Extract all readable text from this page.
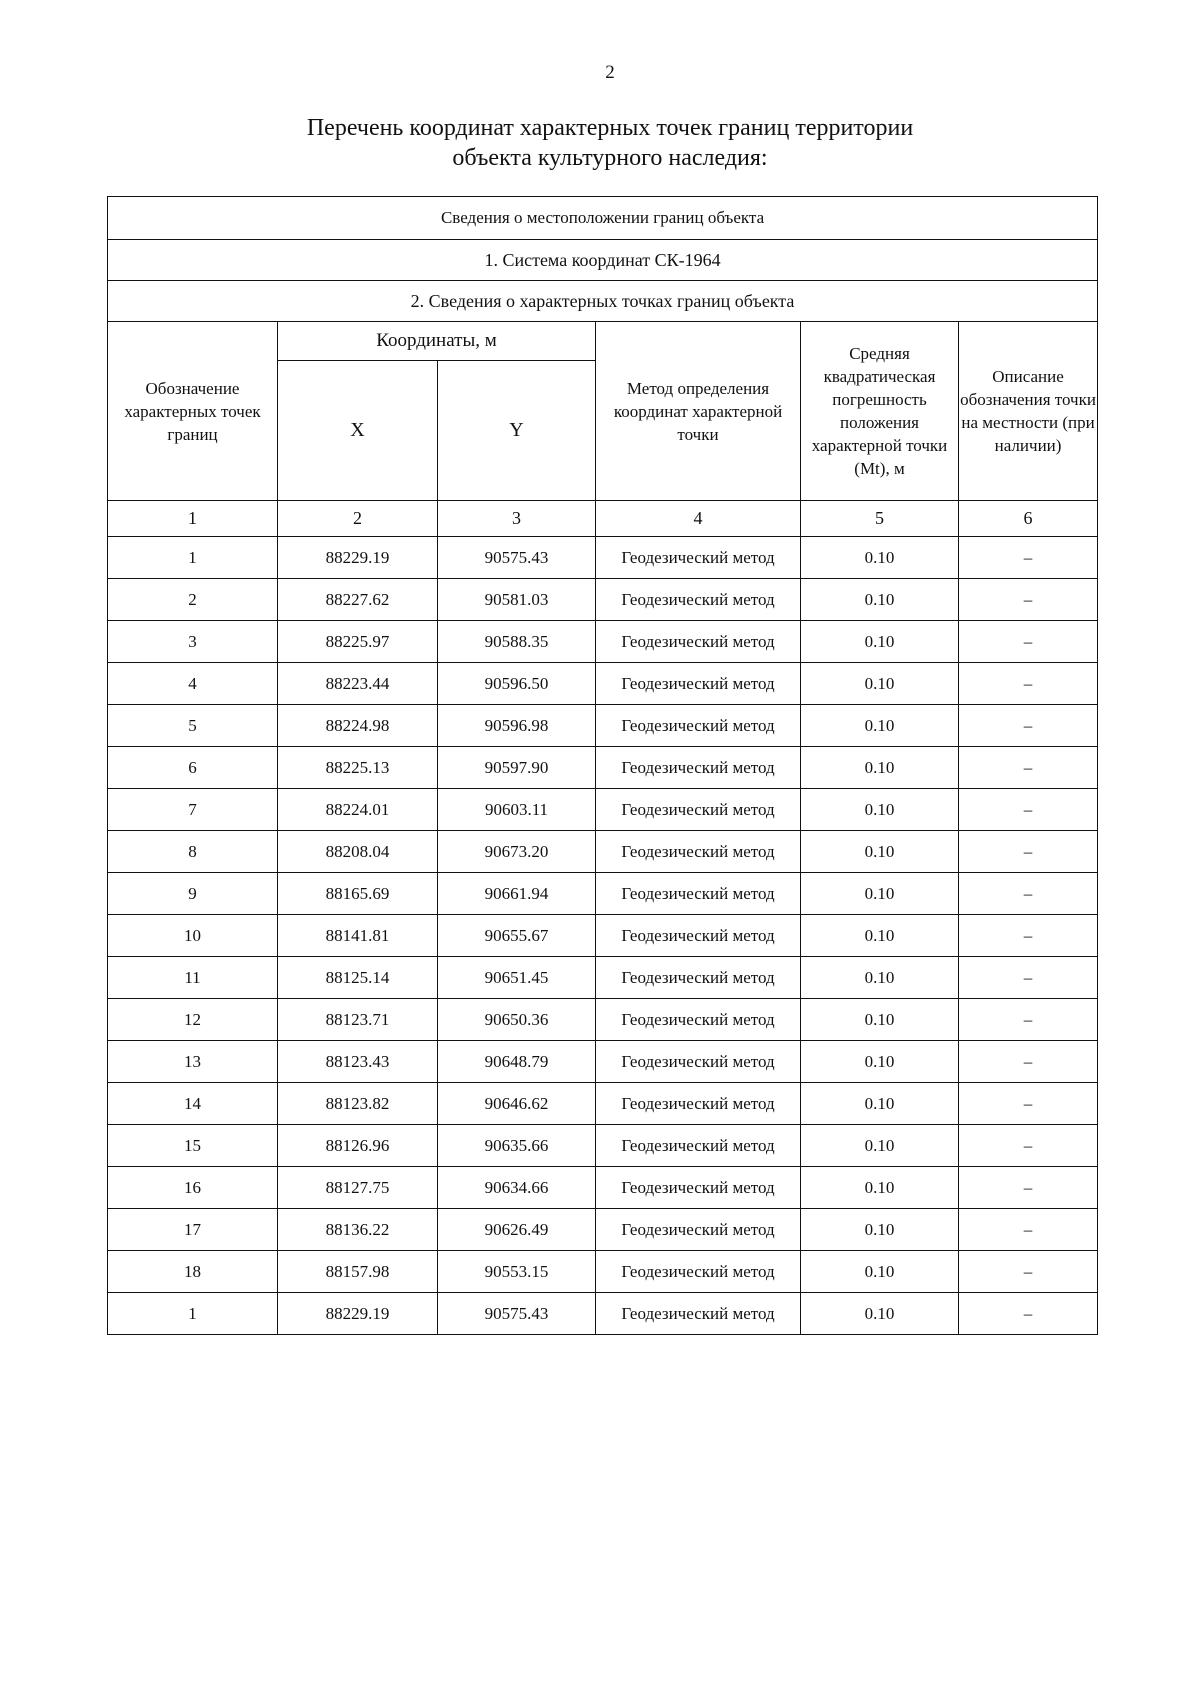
2
Перечень координат характерных точек границ территории
объекта культурного наследия:
Сведения о местоположении границ объекта					
1. Система координат СК-1964					
2. Сведения о характерных точках границ объекта					
Обозначение характерных точек границ	Координаты, м		Метод определения координат характерной точки	Средняя квадратическая погрешность положения характерной точки (Mt), м	Описание обозначения точки на местности (при наличии)
	X	Y			
1	2	3	4	5	6
1	88229.19	90575.43	Геодезический метод	0.10	–
2	88227.62	90581.03	Геодезический метод	0.10	–
3	88225.97	90588.35	Геодезический метод	0.10	–
4	88223.44	90596.50	Геодезический метод	0.10	–
5	88224.98	90596.98	Геодезический метод	0.10	–
6	88225.13	90597.90	Геодезический метод	0.10	–
7	88224.01	90603.11	Геодезический метод	0.10	–
8	88208.04	90673.20	Геодезический метод	0.10	–
9	88165.69	90661.94	Геодезический метод	0.10	–
10	88141.81	90655.67	Геодезический метод	0.10	–
11	88125.14	90651.45	Геодезический метод	0.10	–
12	88123.71	90650.36	Геодезический метод	0.10	–
13	88123.43	90648.79	Геодезический метод	0.10	–
14	88123.82	90646.62	Геодезический метод	0.10	–
15	88126.96	90635.66	Геодезический метод	0.10	–
16	88127.75	90634.66	Геодезический метод	0.10	–
17	88136.22	90626.49	Геодезический метод	0.10	–
18	88157.98	90553.15	Геодезический метод	0.10	–
1	88229.19	90575.43	Геодезический метод	0.10	–
